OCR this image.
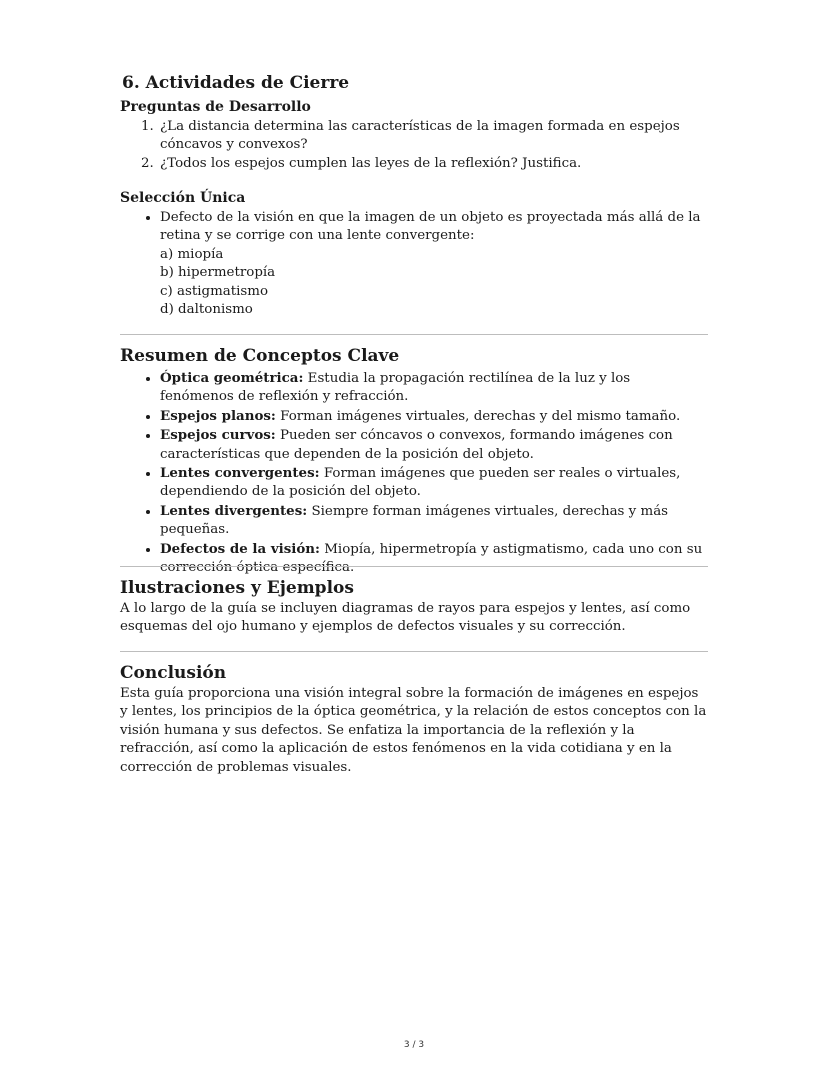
6. Actividades de Cierre
Preguntas de Desarrollo
1. ¿La distancia determina las características de la imagen formada en espejos cóncavos y convexos?
2. ¿Todos los espejos cumplen las leyes de la reflexión? Justifica.
Selección Única
• Defecto de la visión en que la imagen de un objeto es proyectada más allá de la retina y se corrige con una lente convergente:
a) miopía
b) hipermetropía
c) astigmatismo
d) daltonismo
Resumen de Conceptos Clave
• Óptica geométrica: Estudia la propagación rectilínea de la luz y los fenómenos de reflexión y refracción.
• Espejos planos: Forman imágenes virtuales, derechas y del mismo tamaño.
• Espejos curvos: Pueden ser cóncavos o convexos, formando imágenes con características que dependen de la posición del objeto.
• Lentes convergentes: Forman imágenes que pueden ser reales o virtuales, dependiendo de la posición del objeto.
• Lentes divergentes: Siempre forman imágenes virtuales, derechas y más pequeñas.
• Defectos de la visión: Miopía, hipermetropía y astigmatismo, cada uno con su corrección óptica específica.
Ilustraciones y Ejemplos

A lo largo de la guía se incluyen diagramas de rayos para espejos y lentes, así como esquemas del ojo humano y ejemplos de defectos visuales y su corrección.

Conclusión

Esta guía proporciona una visión integral sobre la formación de imágenes en espejos y lentes, los principios de la óptica geométrica, y la relación de estos conceptos con la visión humana y sus defectos. Se enfatiza la importancia de la reflexión y la refracción, así como la aplicación de estos fenómenos en la vida cotidiana y en la corrección de problemas visuales.

3 / 3
